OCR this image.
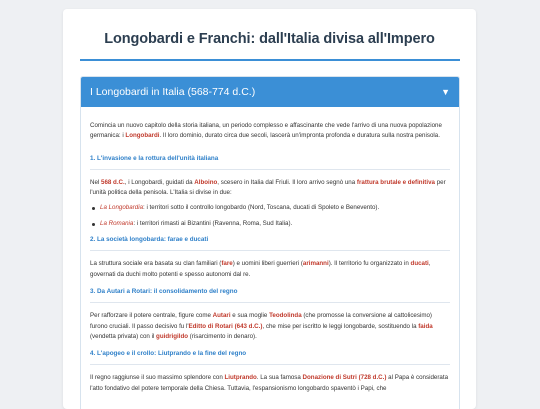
Longobardi e Franchi: dall'Italia divisa all'Impero
I Longobardi in Italia (568-774 d.C.)	▼

Comincia un nuovo capitolo della storia italiana, un periodo complesso e affascinante che vede l'arrivo di una nuova popolazione germanica: i Longobardi. Il loro dominio, durato circa due secoli, lascerà un'impronta profonda e duratura sulla nostra penisola.

1. L'invasione e la rottura dell'unità italiana

Nel 568 d.C., i Longobardi, guidati da Alboino, scesero in Italia dal Friuli. Il loro arrivo segnò una frattura brutale e definitiva per l'unità politica della penisola. L'Italia si divise in due:

La Longobardia: i territori sotto il controllo longobardo (Nord, Toscana, ducati di Spoleto e Benevento).
La Romania: i territori rimasti ai Bizantini (Ravenna, Roma, Sud Italia).
2. La società longobarda: farae e ducati

La struttura sociale era basata su clan familiari (fare) e uomini liberi guerrieri (arimanni). Il territorio fu organizzato in ducati, governati da duchi molto potenti e spesso autonomi dal re.

3. Da Autari a Rotari: il consolidamento del regno

Per rafforzare il potere centrale, figure come Autari e sua moglie Teodolinda (che promosse la conversione al cattolicesimo) furono cruciali. Il passo decisivo fu l'Editto di Rotari (643 d.C.), che mise per iscritto le leggi longobarde, sostituendo la faida (vendetta privata) con il guidrigildo (risarcimento in denaro).

4. L'apogeo e il crollo: Liutprando e la fine del regno

Il regno raggiunse il suo massimo splendore con Liutprando. La sua famosa Donazione di Sutri (728 d.C.) al Papa è considerata l'atto fondativo del potere temporale della Chiesa. Tuttavia, l'espansionismo longobardo spaventò i Papi, che
